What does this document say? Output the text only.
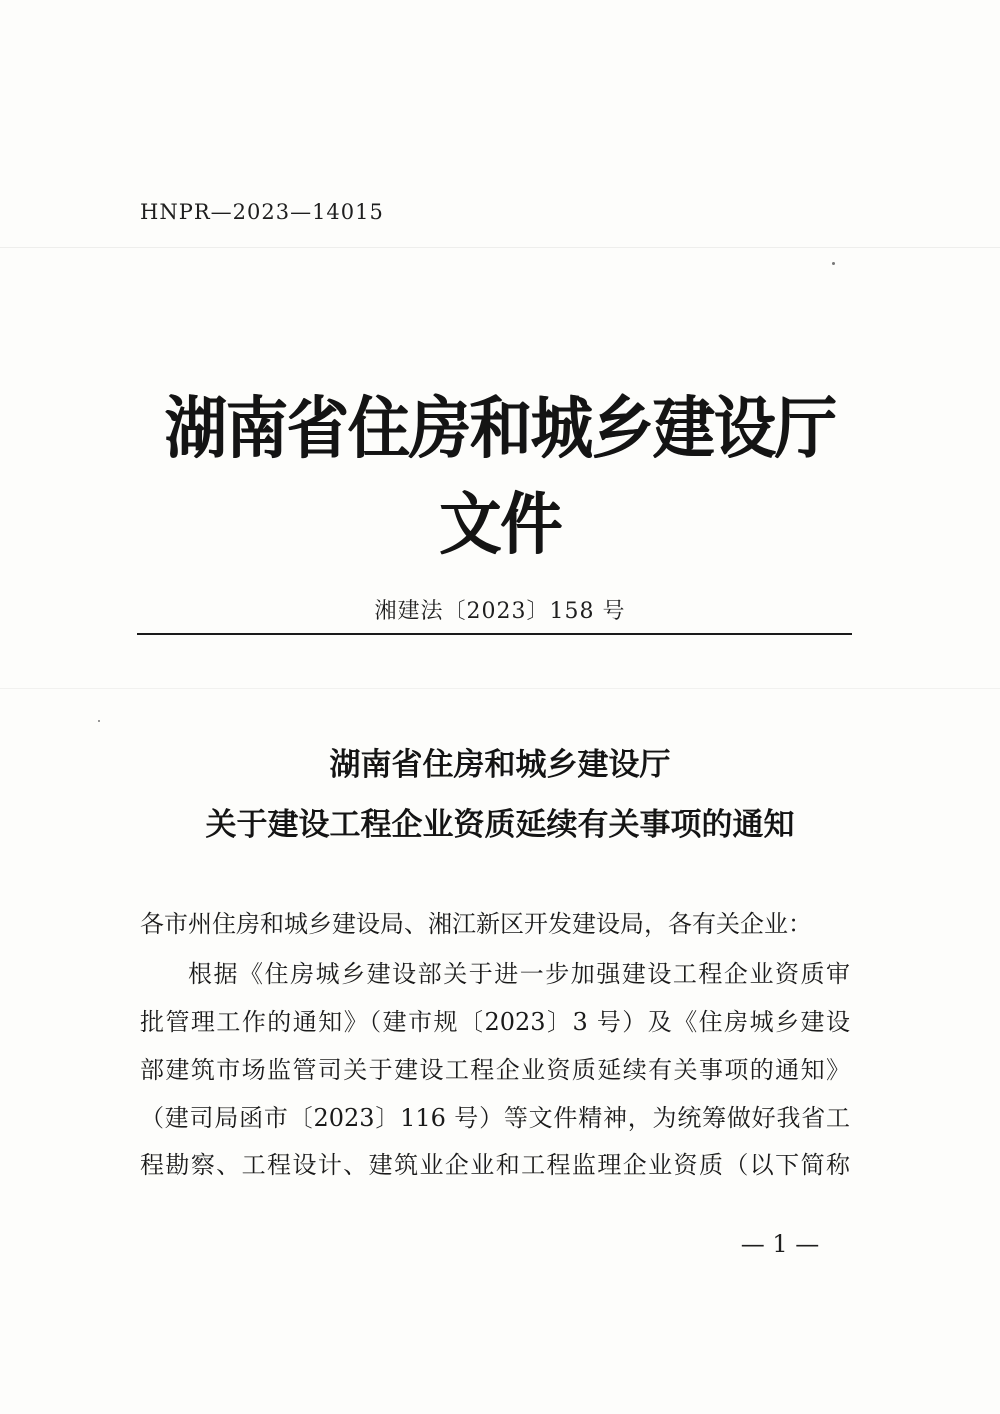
HNPR—2023—14015
湖南省住房和城乡建设厅文件
湘建法〔2023〕158 号
湖南省住房和城乡建设厅
关于建设工程企业资质延续有关事项的通知
各市州住房和城乡建设局、湘江新区开发建设局，各有关企业：
根据《住房城乡建设部关于进一步加强建设工程企业资质审
批管理工作的通知》（建市规〔2023〕3 号）及《住房城乡建设
部建筑市场监管司关于建设工程企业资质延续有关事项的通知》
（建司局函市〔2023〕116 号）等文件精神，为统筹做好我省工
程勘察、工程设计、建筑业企业和工程监理企业资质（以下简称
— 1 —
